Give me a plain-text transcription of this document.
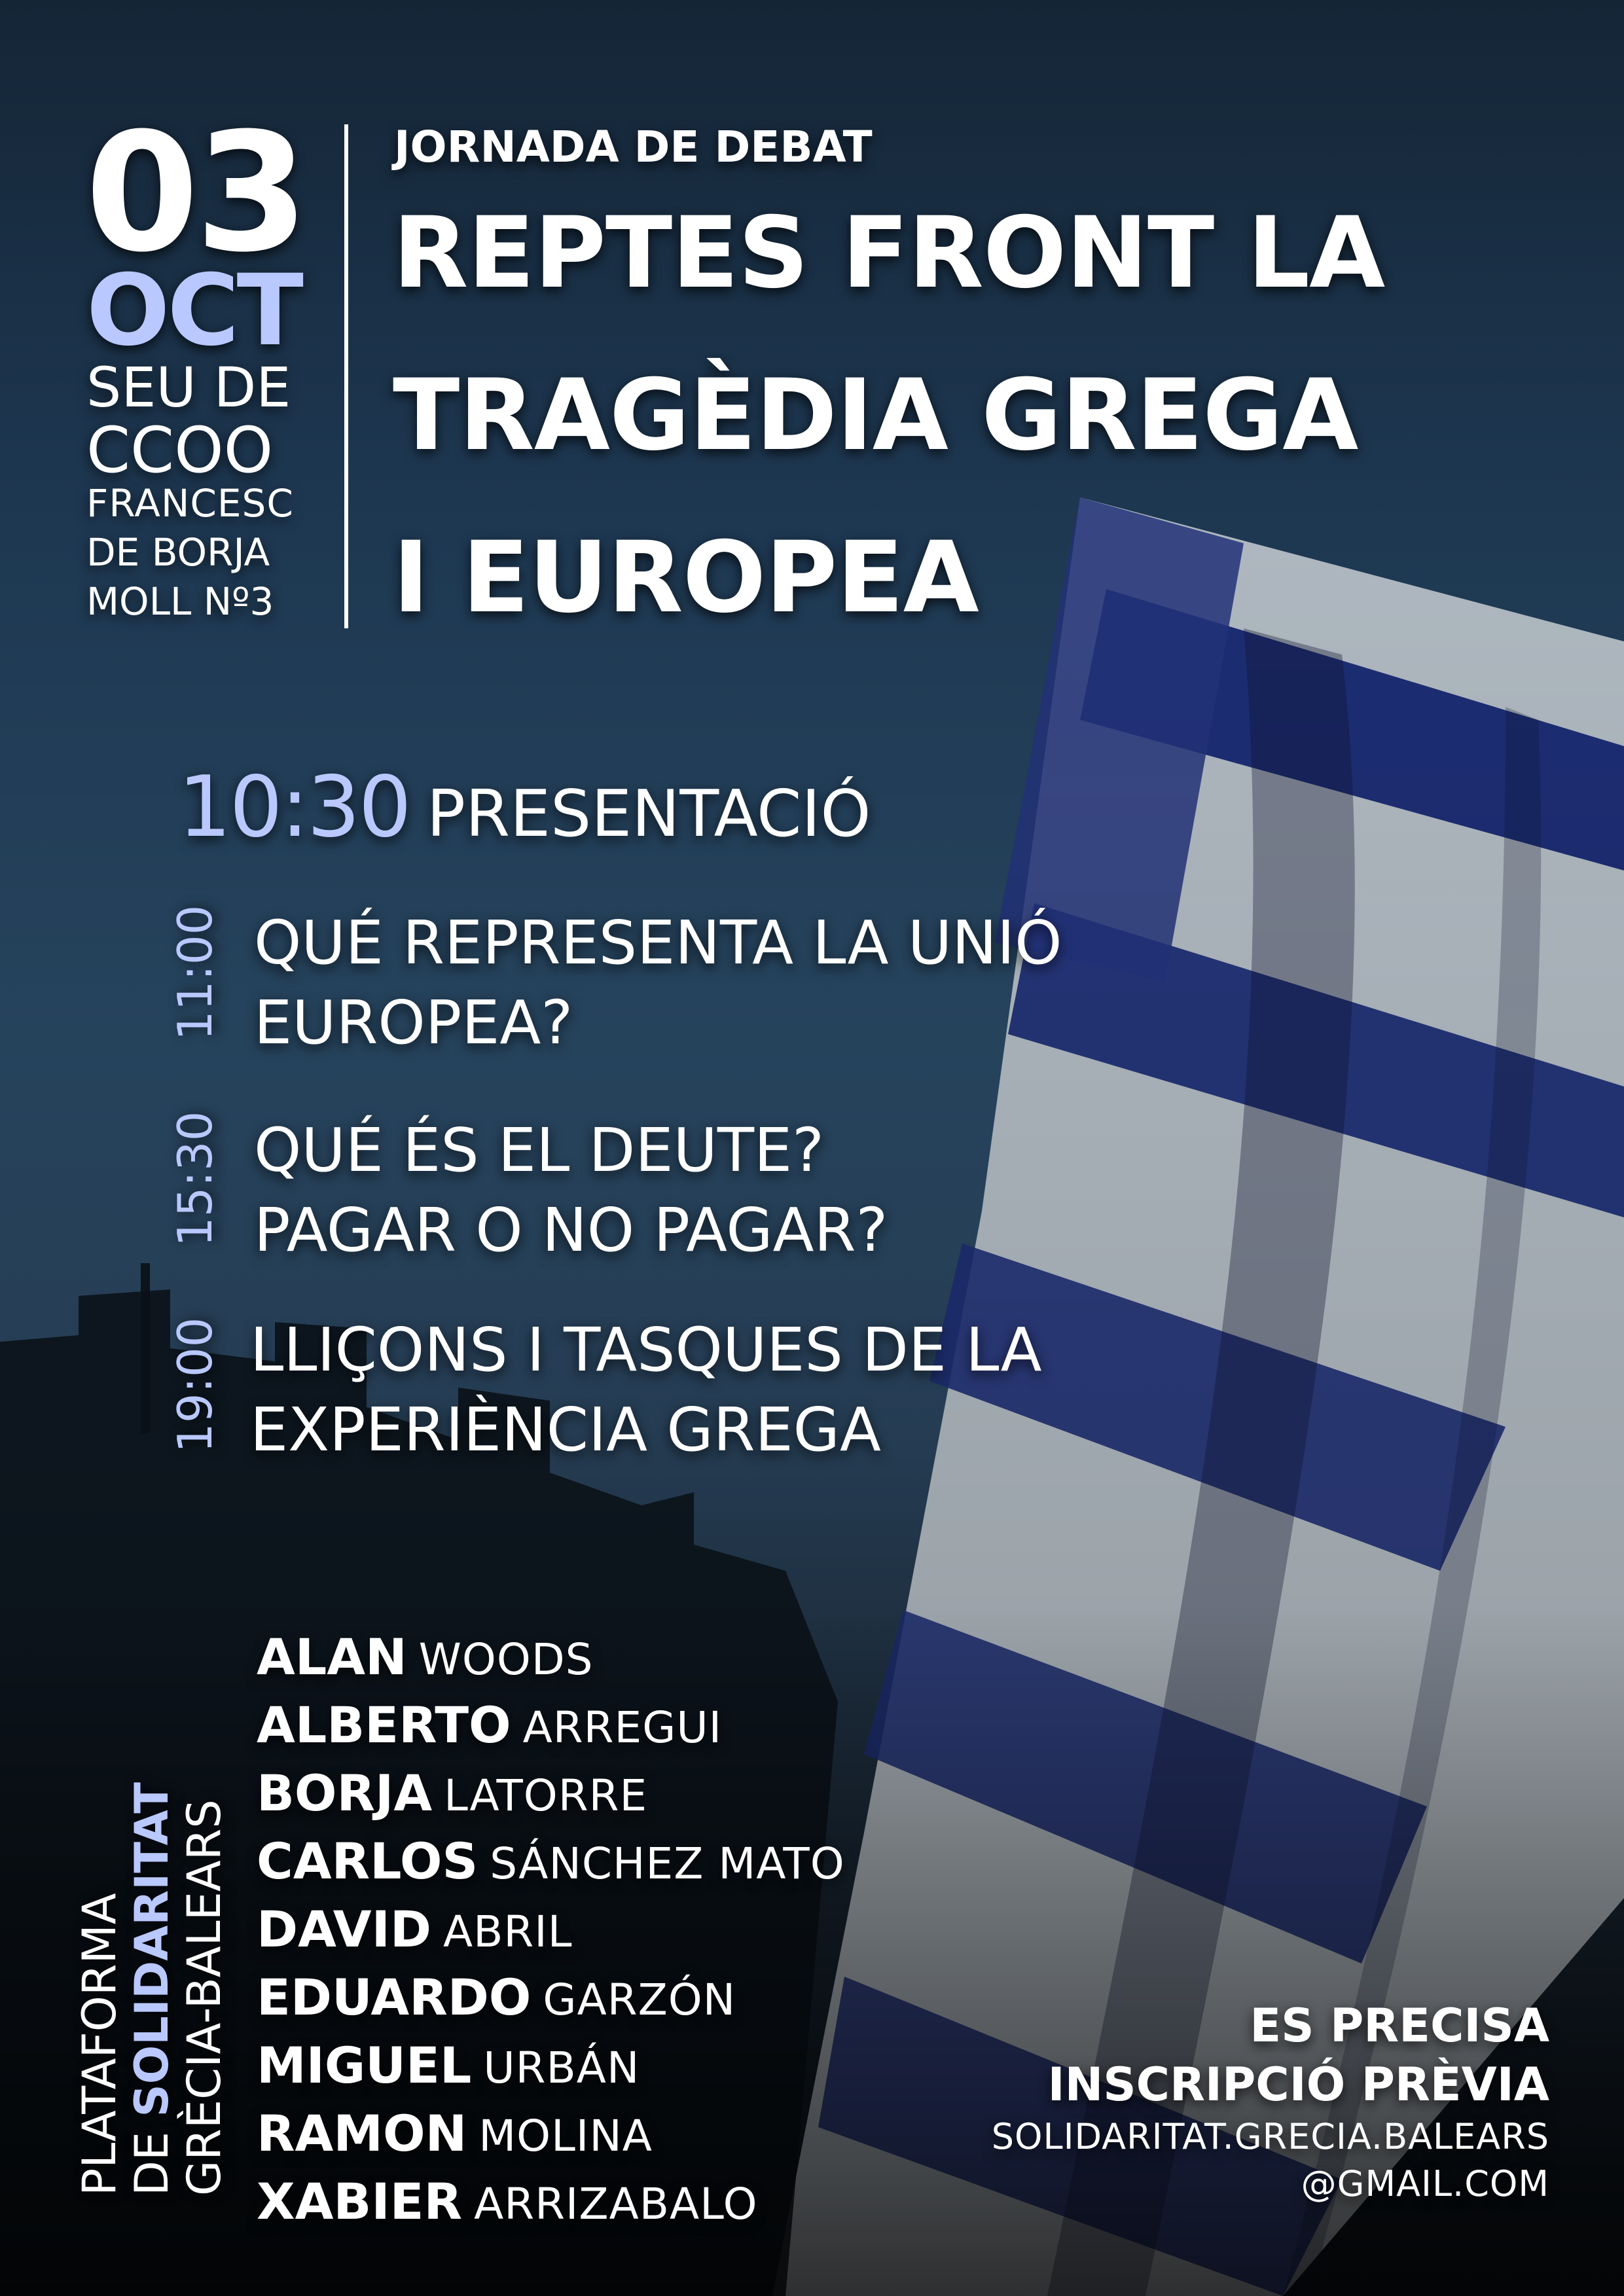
03
OCT
SEU DE
CCOO
FRANCESC
DE BORJA
MOLL Nº3
JORNADA DE DEBAT
REPTES FRONT LA
TRAGÈDIA GREGA
I EUROPEA
10:30 PRESENTACIÓ
11:00 QUÉ REPRESENTA LA UNIÓ
EUROPEA?
15:30 QUÉ ÉS EL DEUTE?
PAGAR O NO PAGAR?
19:00 LLIÇONS I TASQUES DE LA
EXPERIÈNCIA GREGA
ALAN WOODS
ALBERTO ARREGUI
BORJA LATORRE
CARLOS SÁNCHEZ MATO
DAVID ABRIL
EDUARDO GARZÓN
MIGUEL URBÁN
RAMON MOLINA
XABIER ARRIZABALO
PLATAFORMA
DE SOLIDARITAT
GRÈCIA-BALEARS	ES PRECISA
INSCRIPCIÓ PRÈVIA
SOLIDARITAT.GRECIA.BALEARS
@GMAIL.COM
